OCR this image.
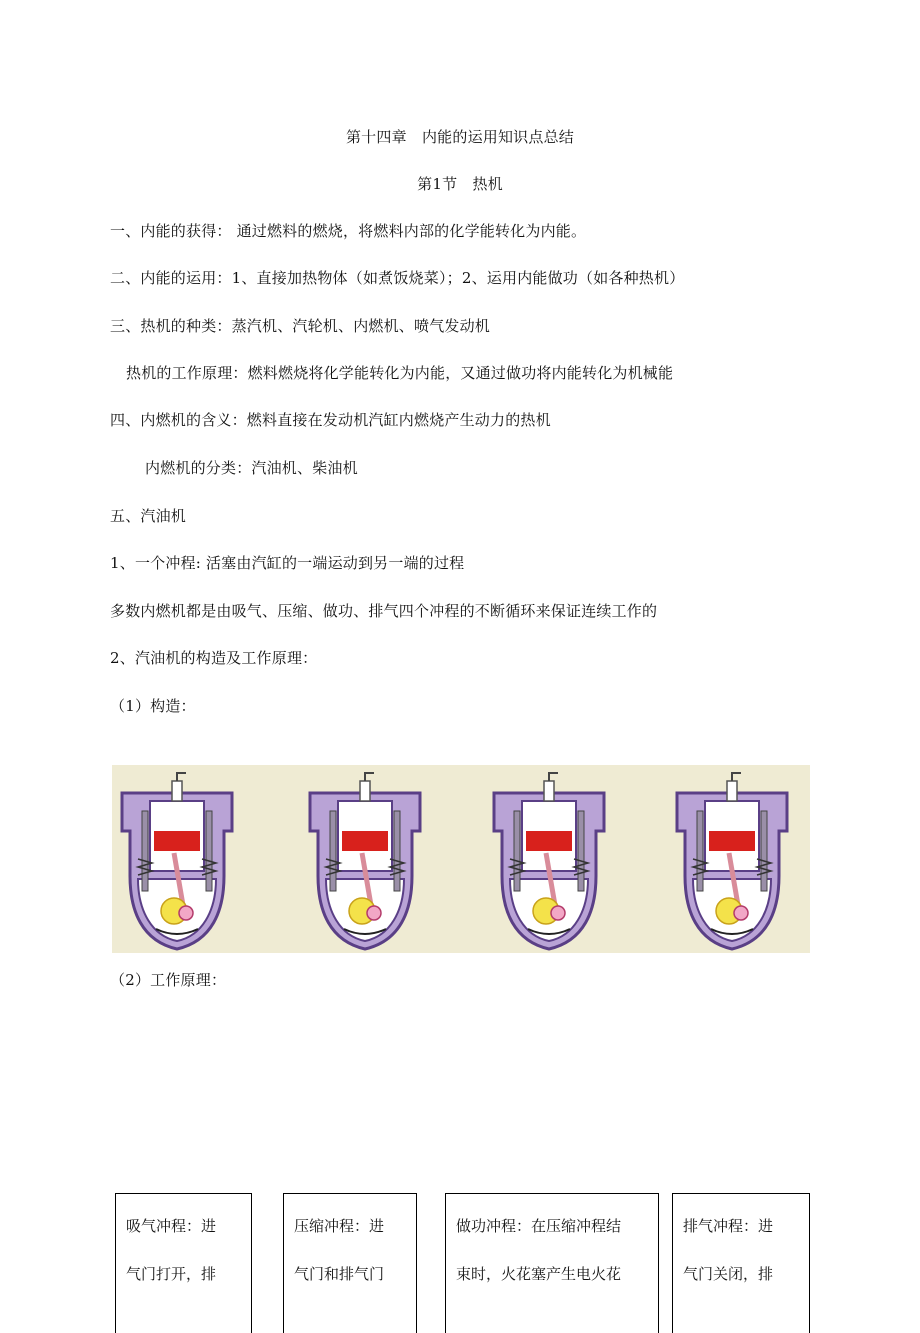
第十四章　内能的运用知识点总结
第1节　热机
一、内能的获得： 通过燃料的燃烧，将燃料内部的化学能转化为内能。
二、内能的运用：1、直接加热物体（如煮饭烧菜）；2、运用内能做功（如各种热机）
三、热机的种类：蒸汽机、汽轮机、内燃机、喷气发动机
热机的工作原理：燃料燃烧将化学能转化为内能，又通过做功将内能转化为机械能
四、内燃机的含义：燃料直接在发动机汽缸内燃烧产生动力的热机
内燃机的分类：汽油机、柴油机
五、汽油机
1、一个冲程: 活塞由汽缸的一端运动到另一端的过程
多数内燃机都是由吸气、压缩、做功、排气四个冲程的不断循环来保证连续工作的
2、汽油机的构造及工作原理：
（1）构造：
（2）工作原理：
吸气冲程：进
气门打开，排
压缩冲程：进
气门和排气门
做功冲程：在压缩冲程结
束时，火花塞产生电火花
排气冲程：进
气门关闭，排
